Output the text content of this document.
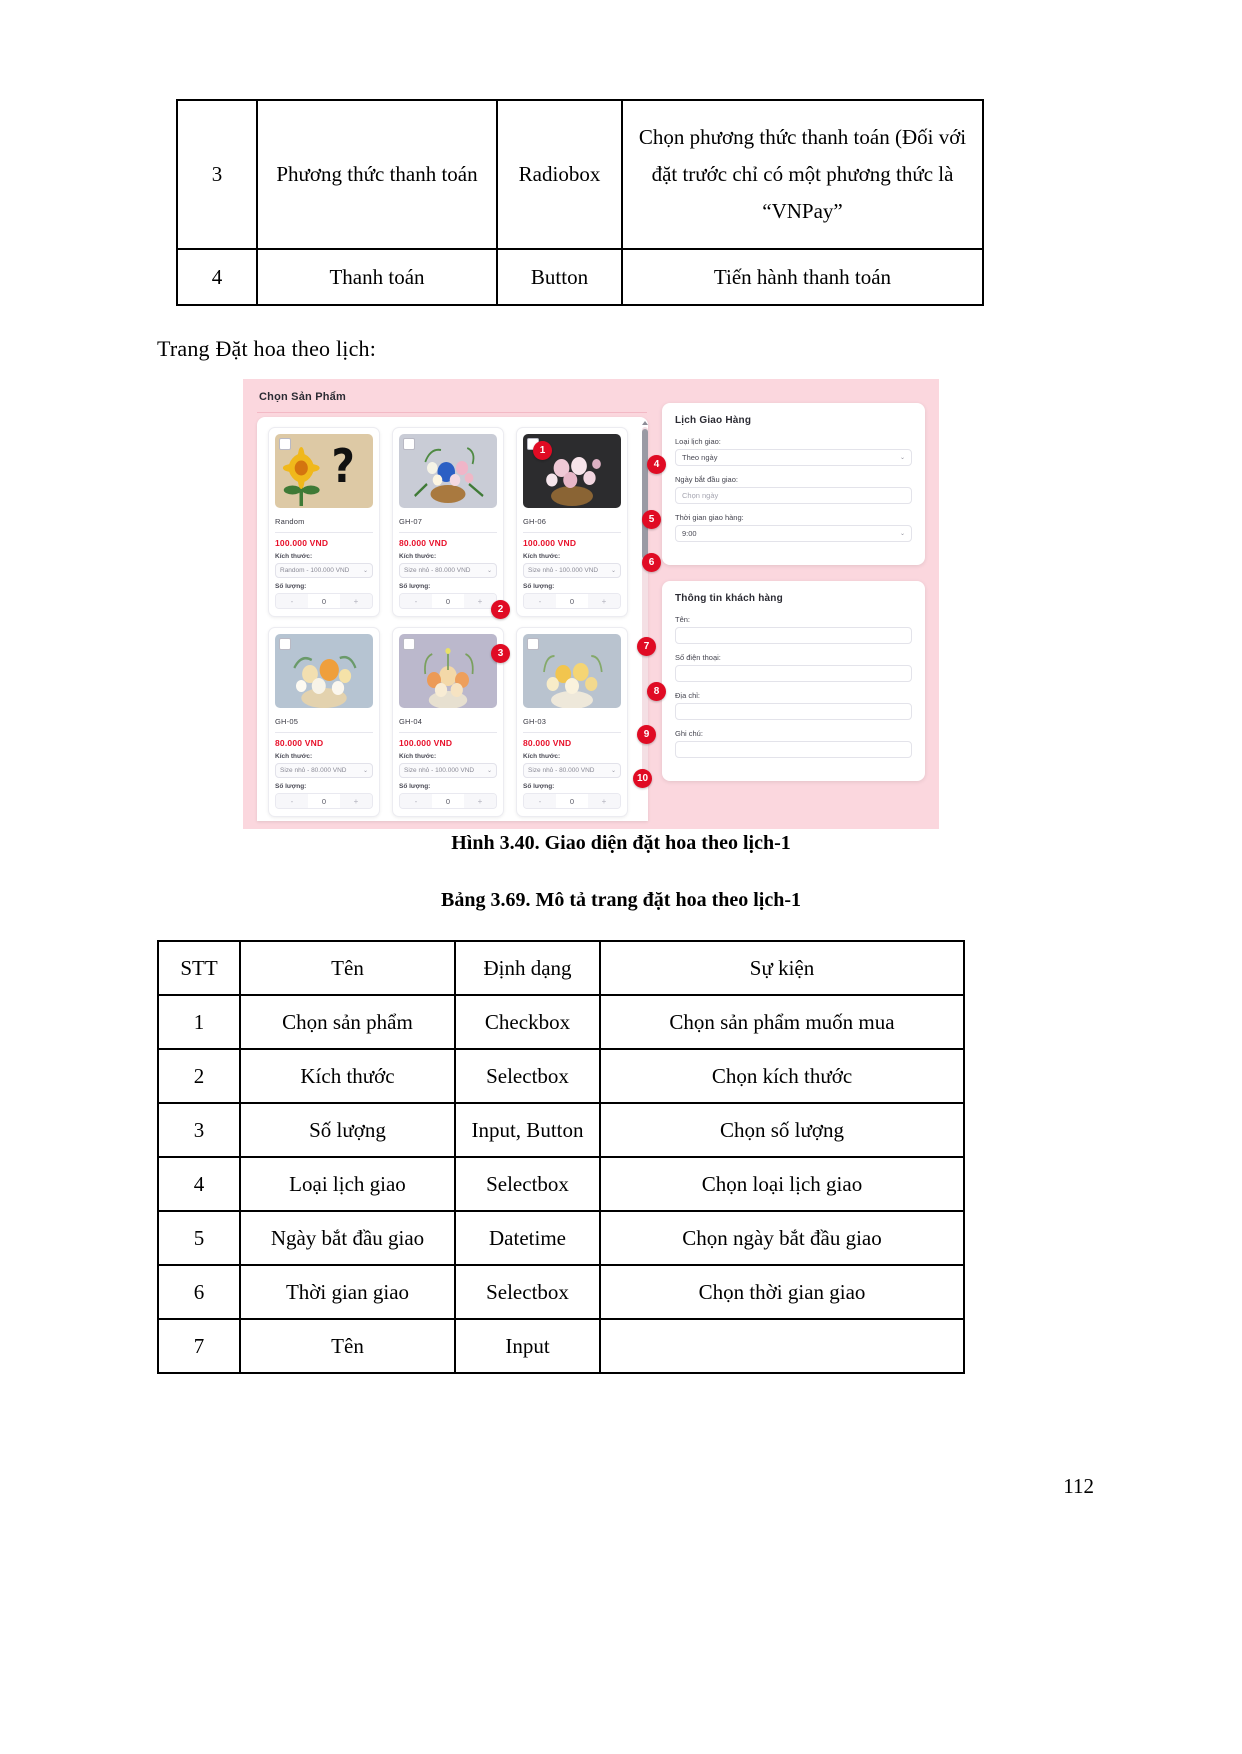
3	Phương thức thanh toán	Radiobox	Chọn phương thức thanh toán (Đối với đặt trước chỉ có một phương thức là “VNPay”
4	Thanh toán	Button	Tiến hành thanh toán
Trang Đặt hoa theo lịch:
Chọn Sản Phẩm
?
Random
100.000 VND
Kích thước:
Random - 100.000 VND ⌄
Số lượng:
-	0	+
GH-07
80.000 VND
Kích thước:
Size nhỏ - 80.000 VND	⌄
Số lượng:
-	0	+
GH-06
100.000 VND
Kích thước:
Size nhỏ - 100.000 VND ⌄
Số lượng:
-	0	+
GH-05
80.000 VND
Kích thước:
Size nhỏ - 80.000 VND	⌄
Số lượng:
-	0	+
GH-04
100.000 VND
Kích thước:
Size nhỏ - 100.000 VND ⌄
Số lượng:
-	0	+
GH-03
80.000 VND
Kích thước:
Size nhỏ - 80.000 VND	⌄
Số lượng:
-	0	+
Lịch Giao Hàng
Loại lịch giao:
Theo ngày	⌄
Ngày bắt đầu giao:
Chọn ngày
Thời gian giao hàng:
9:00	⌄
Thông tin khách hàng
Tên:
Số điện thoại:
Địa chỉ:
Ghi chú:
1
2
3
4
5
6
7
8
9
10
Hình 3.40. Giao diện đặt hoa theo lịch-1
Bảng 3.69. Mô tả trang đặt hoa theo lịch-1
STT	Tên	Định dạng	Sự kiện
1	Chọn sản phẩm	Checkbox	Chọn sản phẩm muốn mua
2	Kích thước	Selectbox	Chọn kích thước
3	Số lượng	Input, Button	Chọn số lượng
4	Loại lịch giao	Selectbox	Chọn loại lịch giao
5	Ngày bắt đầu giao	Datetime	Chọn ngày bắt đầu giao
6	Thời gian giao	Selectbox	Chọn thời gian giao
7	Tên	Input	
112
